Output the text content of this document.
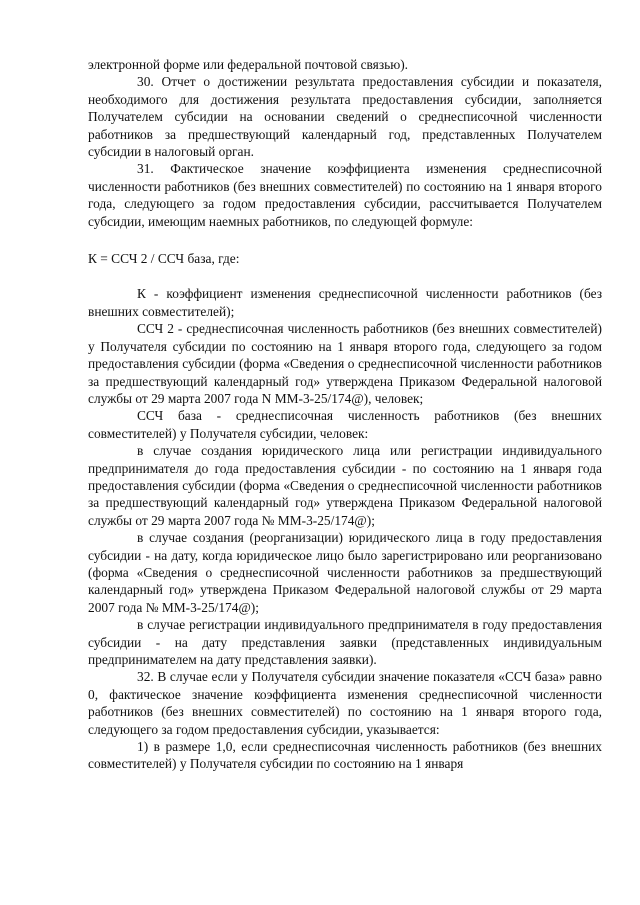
электронной форме или федеральной почтовой связью).

30. Отчет о достижении результата предоставления субсидии и показателя, необходимого для достижения результата предоставления субсидии, заполняется Получателем субсидии на основании сведений о среднесписочной численности работников за предшествующий календарный год, представленных Получателем субсидии в налоговый орган.

31. Фактическое значение коэффициента изменения среднесписочной численности работников (без внешних совместителей) по состоянию на 1 января второго года, следующего за годом предоставления субсидии, рассчитывается Получателем субсидии, имеющим наемных работников, по следующей формуле:

К = ССЧ 2 / ССЧ база, где:

К - коэффициент изменения среднесписочной численности работников (без внешних совместителей);

ССЧ 2 - среднесписочная численность работников (без внешних совместителей) у Получателя субсидии по состоянию на 1 января второго года, следующего за годом предоставления субсидии (форма «Сведения о среднесписочной численности работников за предшествующий календарный год» утверждена Приказом Федеральной налоговой службы от 29 марта 2007 года N ММ-3-25/174@), человек;

ССЧ база - среднесписочная численность работников (без внешних совместителей) у Получателя субсидии, человек:

в случае создания юридического лица или регистрации индивидуального предпринимателя до года предоставления субсидии - по состоянию на 1 января года предоставления субсидии (форма «Сведения о среднесписочной численности работников за предшествующий календарный год» утверждена Приказом Федеральной налоговой службы от 29 марта 2007 года № ММ-3-25/174@);

в случае создания (реорганизации) юридического лица в году предоставления субсидии - на дату, когда юридическое лицо было зарегистрировано или реорганизовано (форма «Сведения о среднесписочной численности работников за предшествующий календарный год» утверждена Приказом Федеральной налоговой службы от 29 марта 2007 года № ММ-3-25/174@);

в случае регистрации индивидуального предпринимателя в году предоставления субсидии - на дату представления заявки (представленных индивидуальным предпринимателем на дату представления заявки).

32. В случае если у Получателя субсидии значение показателя «ССЧ база» равно 0, фактическое значение коэффициента изменения среднесписочной численности работников (без внешних совместителей) по состоянию на 1 января второго года, следующего за годом предоставления субсидии, указывается:

1) в размере 1,0, если среднесписочная численность работников (без внешних совместителей) у Получателя субсидии по состоянию на 1 января
